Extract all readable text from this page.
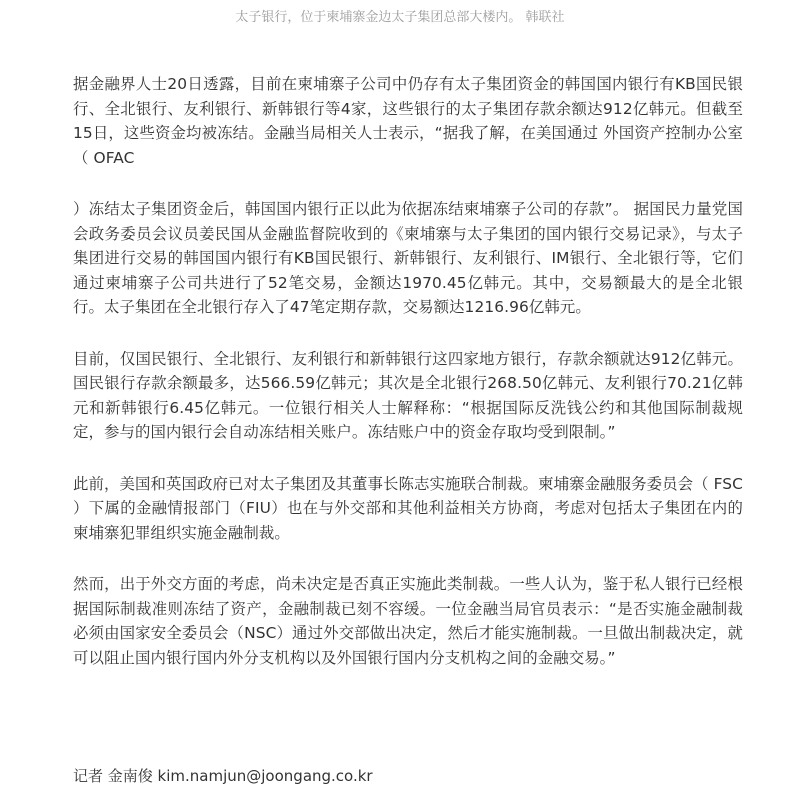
太子银行，位于柬埔寨金边太子集团总部大楼内。 韩联社

据金融界人士20日透露，目前在柬埔寨子公司中仍存有太子集团资金的韩国国内银行有KB国民银行、全北银行、友利银行、新韩银行等4家，这些银行的太子集团存款余额达912亿韩元。但截至15日，这些资金均被冻结。金融当局相关人士表示，“据我了解，在美国通过 外国资产控制办公室（ OFAC

）冻结太子集团资金后，韩国国内银行正以此为依据冻结柬埔寨子公司的存款”。 据国民力量党国会政务委员会议员姜民国从金融监督院收到的《柬埔寨与太子集团的国内银行交易记录》，与太子集团进行交易的韩国国内银行有KB国民银行、新韩银行、友利银行、IM银行、全北银行等，它们通过柬埔寨子公司共进行了52笔交易，金额达1970.45亿韩元。其中，交易额最大的是全北银行。太子集团在全北银行存入了47笔定期存款，交易额达1216.96亿韩元。

目前，仅国民银行、全北银行、友利银行和新韩银行这四家地方银行，存款余额就达912亿韩元。国民银行存款余额最多，达566.59亿韩元；其次是全北银行268.50亿韩元、友利银行70.21亿韩元和新韩银行6.45亿韩元。一位银行相关人士解释称：“根据国际反洗钱公约和其他国际制裁规定，参与的国内银行会自动冻结相关账户。冻结账户中的资金存取均受到限制。”

此前，美国和英国政府已对太子集团及其董事长陈志实施联合制裁。柬埔寨金融服务委员会（ FSC ）下属的金融情报部门（FIU）也在与外交部和其他利益相关方协商，考虑对包括太子集团在内的柬埔寨犯罪组织实施金融制裁。

然而，出于外交方面的考虑，尚未决定是否真正实施此类制裁。一些人认为，鉴于私人银行已经根据国际制裁准则冻结了资产，金融制裁已刻不容缓。一位金融当局官员表示：“是否实施金融制裁必须由国家安全委员会（NSC）通过外交部做出决定，然后才能实施制裁。一旦做出制裁决定，就可以阻止国内银行国内外分支机构以及外国银行国内分支机构之间的金融交易。”

记者 金南俊 kim.namjun@joongang.co.kr
